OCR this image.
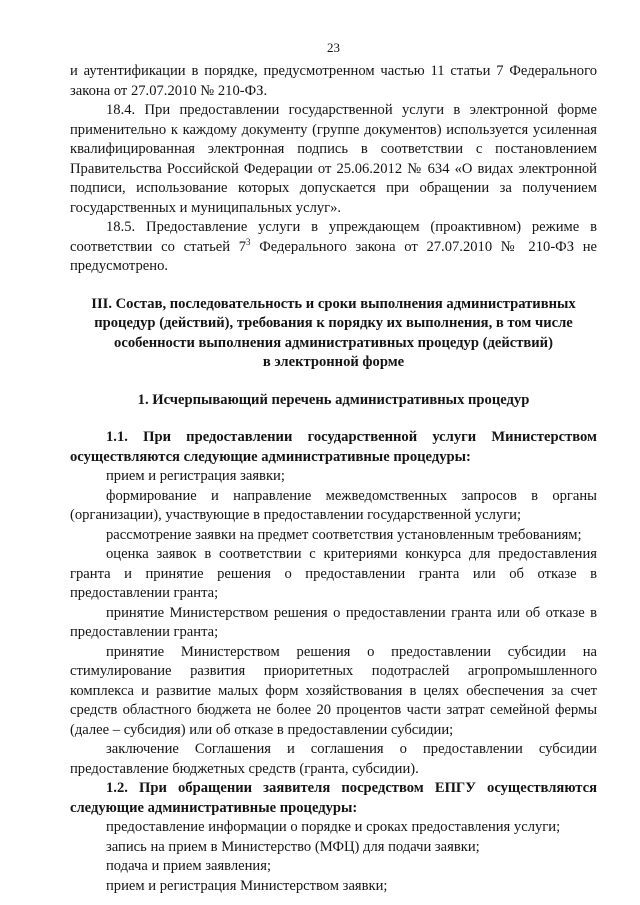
23

и аутентификации в порядке, предусмотренном частью 11 статьи 7 Федерального закона от 27.07.2010 № 210-ФЗ.

18.4. При предоставлении государственной услуги в электронной форме применительно к каждому документу (группе документов) используется усиленная квалифицированная электронная подпись в соответствии с постановлением Правительства Российской Федерации от 25.06.2012 № 634 «О видах электронной подписи, использование которых допускается при обращении за получением государственных и муниципальных услуг».

18.5. Предоставление услуги в упреждающем (проактивном) режиме в соответствии со статьей $7^3$ Федерального закона от 27.07.2010 № 210-ФЗ не предусмотрено.

III. Состав, последовательность и сроки выполнения административных

процедур (действий), требования к порядку их выполнения, в том числе

особенности выполнения административных процедур (действий)

в электронной форме

1. Исчерпывающий перечень административных процедур

1.1. При предоставлении государственной услуги Министерством осуществляются следующие административные процедуры:

прием и регистрация заявки;

формирование и направление межведомственных запросов в органы (организации), участвующие в предоставлении государственной услуги;

рассмотрение заявки на предмет соответствия установленным требованиям;

оценка заявок в соответствии с критериями конкурса для предоставления гранта и принятие решения о предоставлении гранта или об отказе в предоставлении гранта;

принятие Министерством решения о предоставлении гранта или об отказе в предоставлении гранта;

принятие Министерством решения о предоставлении субсидии на стимулирование развития приоритетных подотраслей агропромышленного комплекса и развитие малых форм хозяйствования в целях обеспечения за счет средств областного бюджета не более 20 процентов части затрат семейной фермы (далее – субсидия) или об отказе в предоставлении субсидии;

заключение Соглашения и соглашения о предоставлении субсидии предоставление бюджетных средств (гранта, субсидии).

1.2. При обращении заявителя посредством ЕПГУ осуществляются следующие административные процедуры:

предоставление информации о порядке и сроках предоставления услуги;

запись на прием в Министерство (МФЦ) для подачи заявки;

подача и прием заявления;

прием и регистрация Министерством заявки;
